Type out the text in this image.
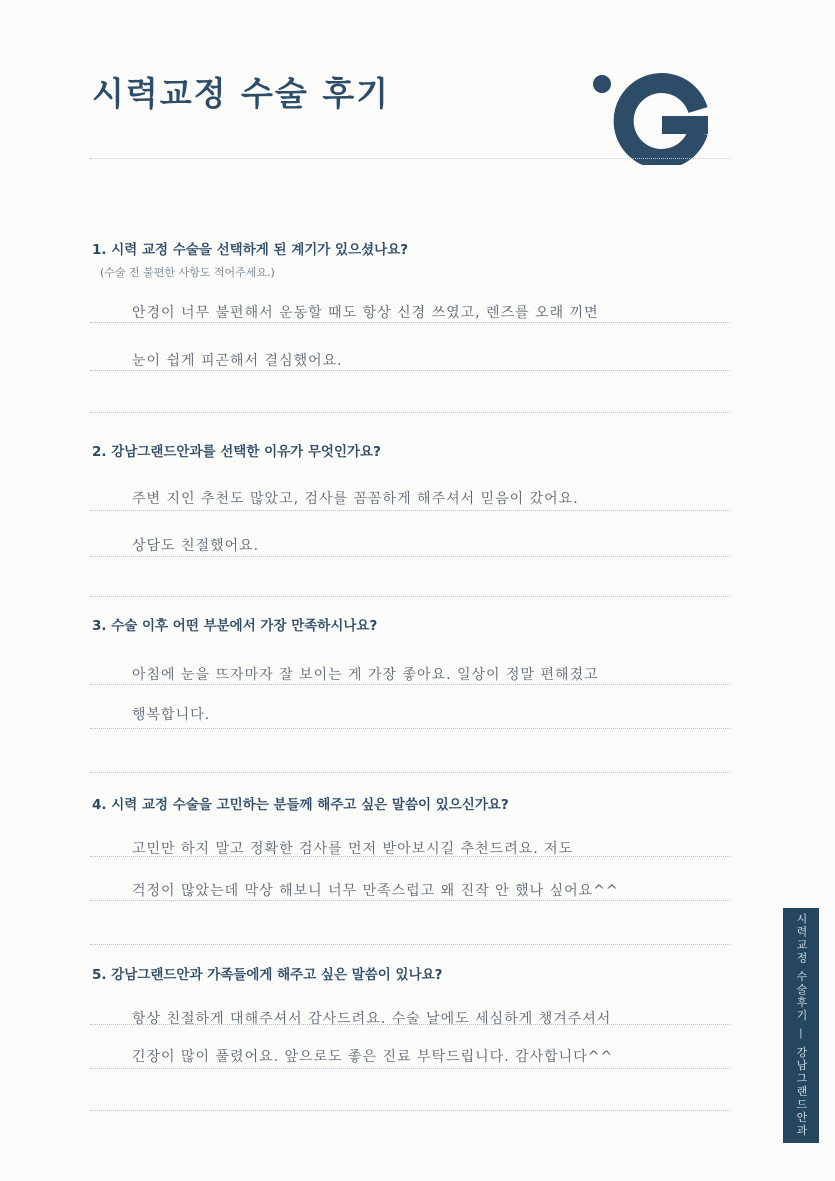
시력교정 수술 후기
1. 시력 교정 수술을 선택하게 된 계기가 있으셨나요?
(수술 전 불편한 사항도 적어주세요.)
안경이 너무 불편해서 운동할 때도 항상 신경 쓰였고, 렌즈를 오래 끼면
눈이 쉽게 피곤해서 결심했어요.
2. 강남그랜드안과를 선택한 이유가 무엇인가요?
주변 지인 추천도 많았고, 검사를 꼼꼼하게 해주셔서 믿음이 갔어요.
상담도 친절했어요.
3. 수술 이후 어떤 부분에서 가장 만족하시나요?
아침에 눈을 뜨자마자 잘 보이는 게 가장 좋아요. 일상이 정말 편해졌고
행복합니다.
4. 시력 교정 수술을 고민하는 분들께 해주고 싶은 말씀이 있으신가요?
고민만 하지 말고 정확한 검사를 먼저 받아보시길 추천드려요. 저도
걱정이 많았는데 막상 해보니 너무 만족스럽고 왜 진작 안 했나 싶어요^^
5. 강남그랜드안과 가족들에게 해주고 싶은 말씀이 있나요?
항상 친절하게 대해주셔서 감사드려요. 수술 날에도 세심하게 챙겨주셔서
긴장이 많이 풀렸어요. 앞으로도 좋은 진료 부탁드립니다. 감사합니다^^	시력교정 수술후기 — 강남그랜드안과
